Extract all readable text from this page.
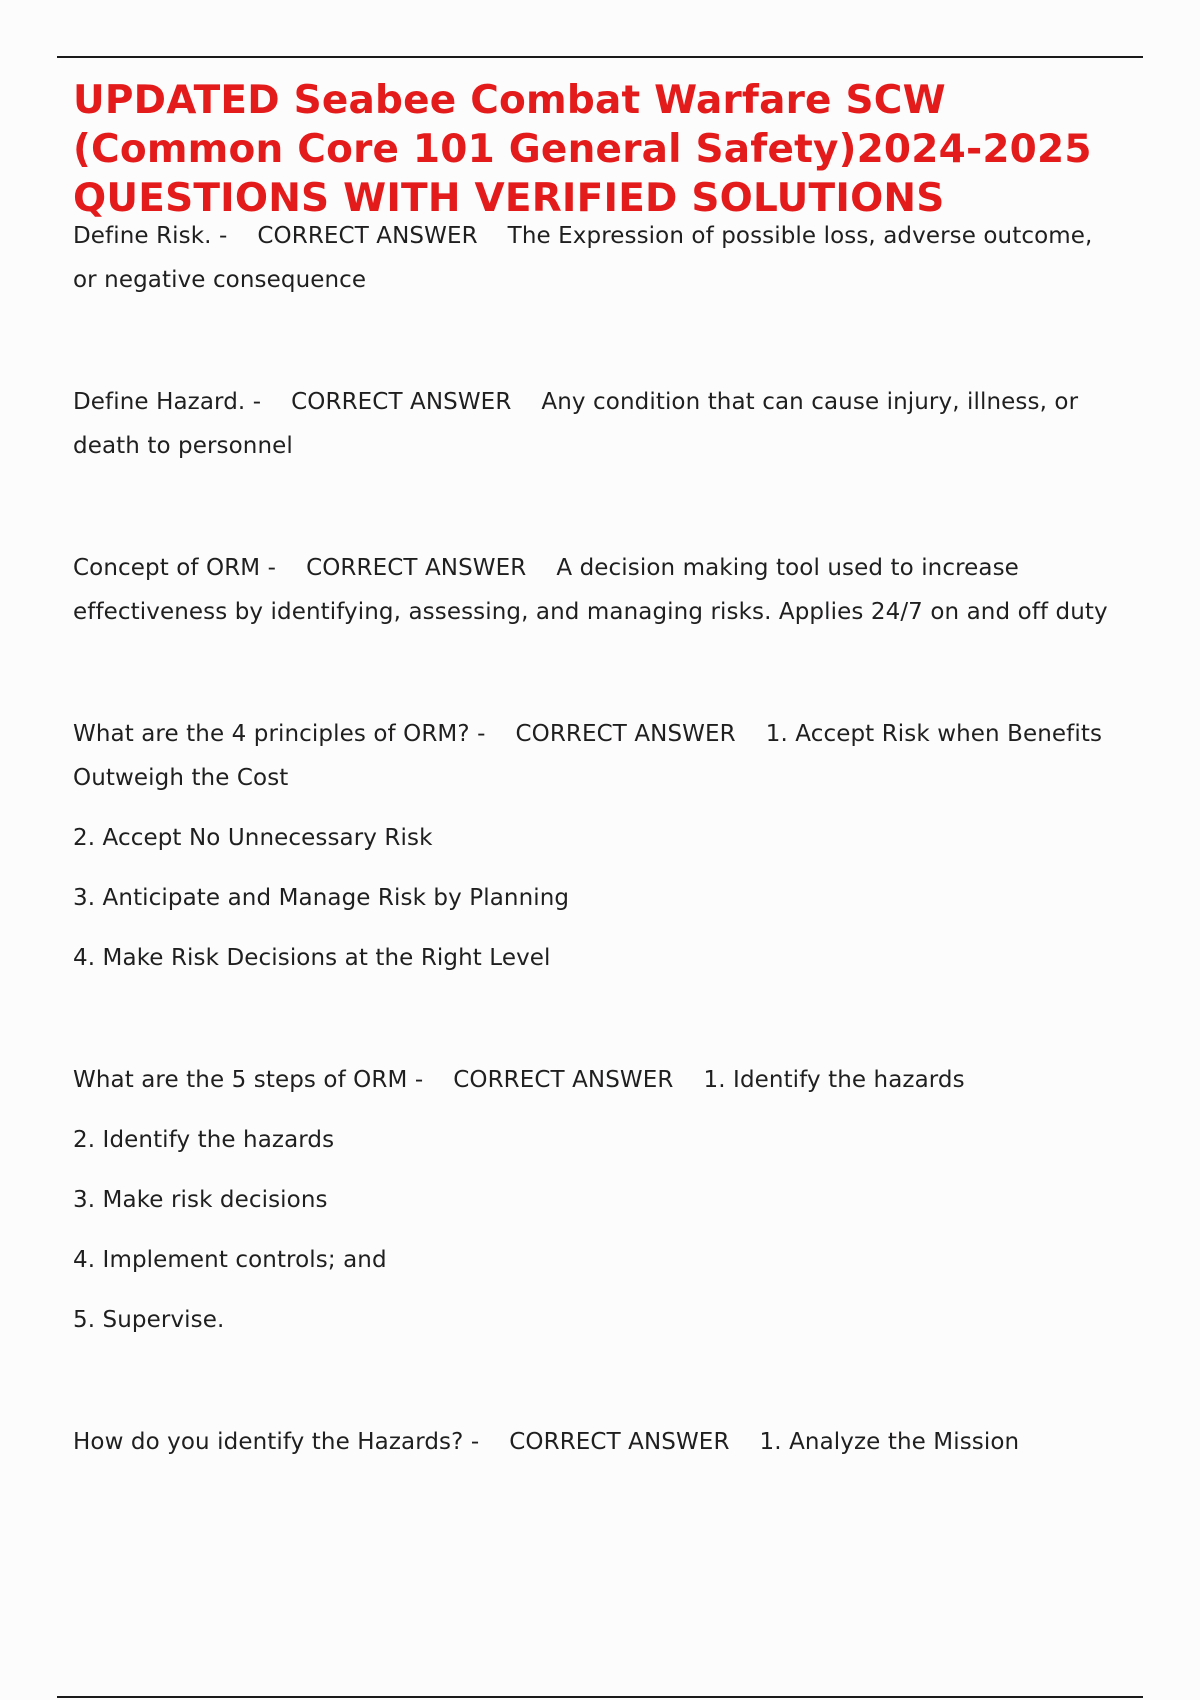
UPDATED Seabee Combat Warfare SCW
(Common Core 101 General Safety)2024-2025
QUESTIONS WITH VERIFIED SOLUTIONS

Define Risk. - CORRECT ANSWER The Expression of possible loss, adverse outcome,

or negative consequence

Define Hazard. - CORRECT ANSWER Any condition that can cause injury, illness, or

death to personnel

Concept of ORM - CORRECT ANSWER A decision making tool used to increase

effectiveness by identifying, assessing, and managing risks. Applies 24/7 on and off duty

What are the 4 principles of ORM? - CORRECT ANSWER 1. Accept Risk when Benefits

Outweigh the Cost

2. Accept No Unnecessary Risk

3. Anticipate and Manage Risk by Planning

4. Make Risk Decisions at the Right Level

What are the 5 steps of ORM - CORRECT ANSWER 1. Identify the hazards

2. Identify the hazards

3. Make risk decisions

4. Implement controls; and

5. Supervise.

How do you identify the Hazards? - CORRECT ANSWER 1. Analyze the Mission
